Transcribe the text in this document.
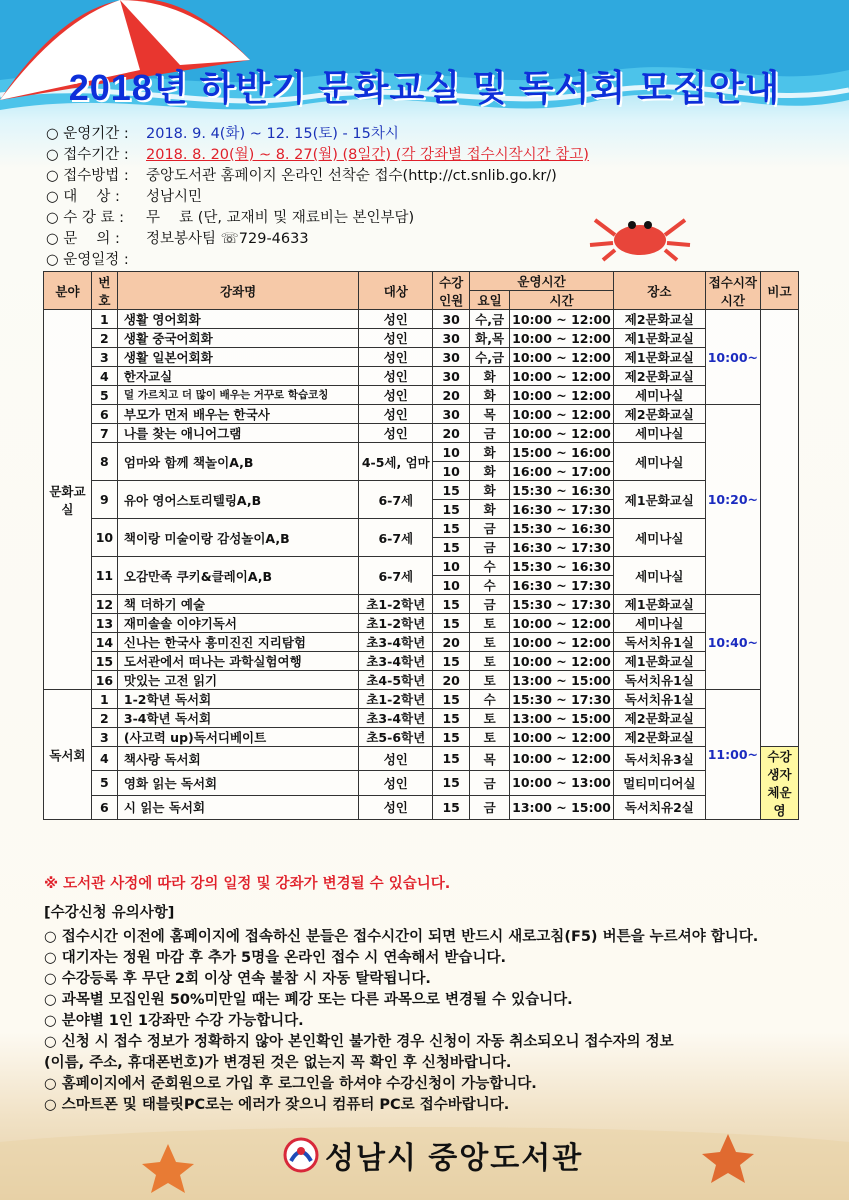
2018년 하반기 문화교실 및 독서회 모집안내
○ 운영기간 :	2018. 9. 4(화) ~ 12. 15(토) - 15차시
○ 접수기간 :	2018. 8. 20(월) ~ 8. 27(월) (8일간) (각 강좌별 접수시작시간 참고)
○ 접수방법 :	중앙도서관 홈페이지 온라인 선착순 접수(http://ct.snlib.go.kr/)
○ 대　 상 :	성남시민
○ 수 강 료 :	무　 료 (단, 교재비 및 재료비는 본인부담)
○ 문　 의 :	정보봉사팀 ☏729-4633
○ 운영일정 :
분야	번호	강좌명	대상	수강인원	운영시간		장소	접수시작시간	비고
					요일	시간			
문화교실	1	생활 영어회화	성인	30	수,금	10:00 ~ 12:00	제2문화교실	10:00~	
	2	생활 중국어회화	성인	30	화,목	10:00 ~ 12:00	제1문화교실		
	3	생활 일본어회화	성인	30	수,금	10:00 ~ 12:00	제1문화교실		
	4	한자교실	성인	30	화	10:00 ~ 12:00	제2문화교실		
	5	덜 가르치고 더 많이 배우는 거꾸로 학습코칭	성인	20	화	10:00 ~ 12:00	세미나실		
	6	부모가 먼저 배우는 한국사	성인	30	목	10:00 ~ 12:00	제2문화교실	10:20~	
	7	나를 찾는 애니어그램	성인	20	금	10:00 ~ 12:00	세미나실		
	8	엄마와 함께 책놀이A,B	4-5세, 엄마	10	화	15:00 ~ 16:00	세미나실		
				10	화	16:00 ~ 17:00			
	9	유아 영어스토리텔링A,B	6-7세	15	화	15:30 ~ 16:30	제1문화교실		
				15	화	16:30 ~ 17:30			
	10	책이랑 미술이랑 감성놀이A,B	6-7세	15	금	15:30 ~ 16:30	세미나실		
				15	금	16:30 ~ 17:30			
	11	오감만족 쿠키&클레이A,B	6-7세	10	수	15:30 ~ 16:30	세미나실		
				10	수	16:30 ~ 17:30			
	12	책 더하기 예술	초1-2학년	15	금	15:30 ~ 17:30	제1문화교실	10:40~	
	13	재미솔솔 이야기독서	초1-2학년	15	토	10:00 ~ 12:00	세미나실		
	14	신나는 한국사 흥미진진 지리탐험	초3-4학년	20	토	10:00 ~ 12:00	독서치유1실		
	15	도서관에서 떠나는 과학실험여행	초3-4학년	15	토	10:00 ~ 12:00	제1문화교실		
	16	맛있는 고전 읽기	초4-5학년	20	토	13:00 ~ 15:00	독서치유1실		
독서회	1	1-2학년 독서회	초1-2학년	15	수	15:30 ~ 17:30	독서치유1실	11:00~	
	2	3-4학년 독서회	초3-4학년	15	토	13:00 ~ 15:00	제2문화교실		
	3	(사고력 up)독서디베이트	초5-6학년	15	토	10:00 ~ 12:00	제2문화교실		
	4	책사랑 독서회	성인	15	목	10:00 ~ 12:00	독서치유3실		수강생자체운영
	5	영화 읽는 독서회	성인	15	금	10:00 ~ 13:00	멀티미디어실		
	6	시 읽는 독서회	성인	15	금	13:00 ~ 15:00	독서치유2실		
※ 도서관 사정에 따라 강의 일정 및 강좌가 변경될 수 있습니다.
[수강신청 유의사항]
○ 접수시간 이전에 홈페이지에 접속하신 분들은 접수시간이 되면 반드시 새로고침(F5) 버튼을 누르셔야 합니다.
○ 대기자는 정원 마감 후 추가 5명을 온라인 접수 시 연속해서 받습니다.
○ 수강등록 후 무단 2회 이상 연속 불참 시 자동 탈락됩니다.
○ 과목별 모집인원 50%미만일 때는 폐강 또는 다른 과목으로 변경될 수 있습니다.
○ 분야별 1인 1강좌만 수강 가능합니다.
○ 신청 시 접수 정보가 정확하지 않아 본인확인 불가한 경우 신청이 자동 취소되오니 접수자의 정보
(이름, 주소, 휴대폰번호)가 변경된 것은 없는지 꼭 확인 후 신청바랍니다.
○ 홈페이지에서 준회원으로 가입 후 로그인을 하셔야 수강신청이 가능합니다.
○ 스마트폰 및 태블릿PC로는 에러가 잦으니 컴퓨터 PC로 접수바랍니다.
성남시 중앙도서관
